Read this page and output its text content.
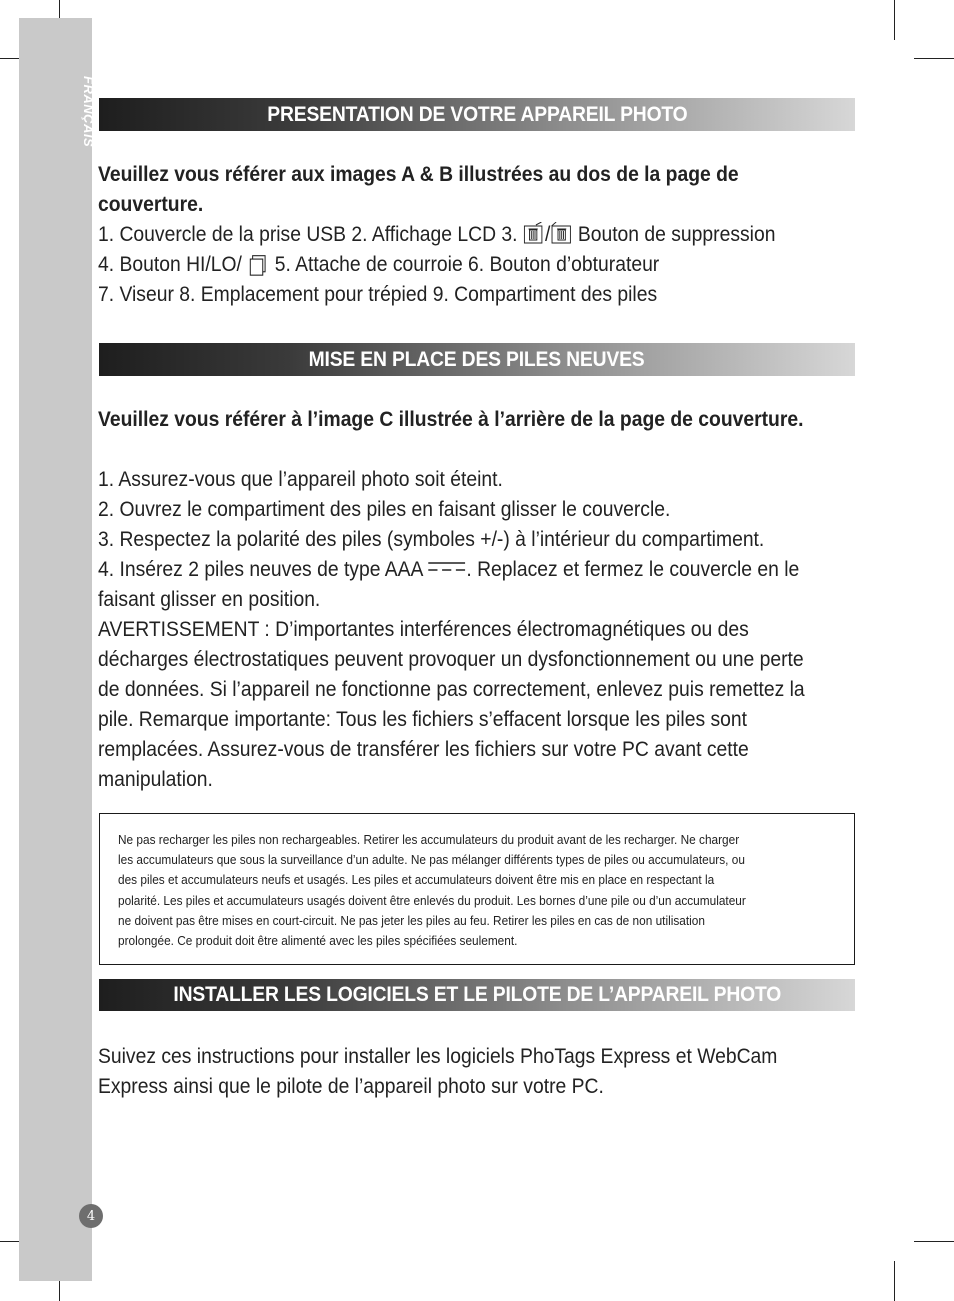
FRANÇAIS
4
PRESENTATION DE VOTRE APPAREIL PHOTO
Veuillez vous référer aux images A & B illustrées au dos de la page de
couverture.
1. Couvercle de la prise USB 2. Affichage LCD 3. / Bouton de suppression
4. Bouton HI/LO/  5. Attache de courroie 6. Bouton d’obturateur
7. Viseur 8. Emplacement pour trépied 9. Compartiment des piles
MISE EN PLACE DES PILES NEUVES
Veuillez vous référer à l’image C illustrée à l’arrière de la page de couverture.

1. Assurez-vous que l’appareil photo soit éteint.
2. Ouvrez le compartiment des piles en faisant glisser le couvercle.
3. Respectez la polarité des piles (symboles +/-) à l’intérieur du compartiment.
4. Insérez 2 piles neuves de type AAA . Replacez et fermez le couvercle en le
faisant glisser en position.
AVERTISSEMENT : D’importantes interférences électromagnétiques ou des
décharges électrostatiques peuvent provoquer un dysfonctionnement ou une perte
de données. Si l’appareil ne fonctionne pas correctement, enlevez puis remettez la
pile. Remarque importante: Tous les fichiers s’effacent lorsque les piles sont
remplacées. Assurez-vous de transférer les fichiers sur votre PC avant cette
manipulation.
Ne pas recharger les piles non rechargeables. Retirer les accumulateurs du produit avant de les recharger. Ne charger
les accumulateurs que sous la surveillance d’un adulte. Ne pas mélanger différents types de piles ou accumulateurs, ou
des piles et accumulateurs neufs et usagés. Les piles et accumulateurs doivent être mis en place en respectant la
polarité. Les piles et accumulateurs usagés doivent être enlevés du produit. Les bornes d’une pile ou d’un accumulateur
ne doivent pas être mises en court-circuit. Ne pas jeter les piles au feu. Retirer les piles en cas de non utilisation
prolongée. Ce produit doit être alimenté avec les piles spécifiées seulement.
INSTALLER LES LOGICIELS ET LE PILOTE DE L’APPAREIL PHOTO
Suivez ces instructions pour installer les logiciels PhoTags Express et WebCam
Express ainsi que le pilote de l’appareil photo sur votre PC.
